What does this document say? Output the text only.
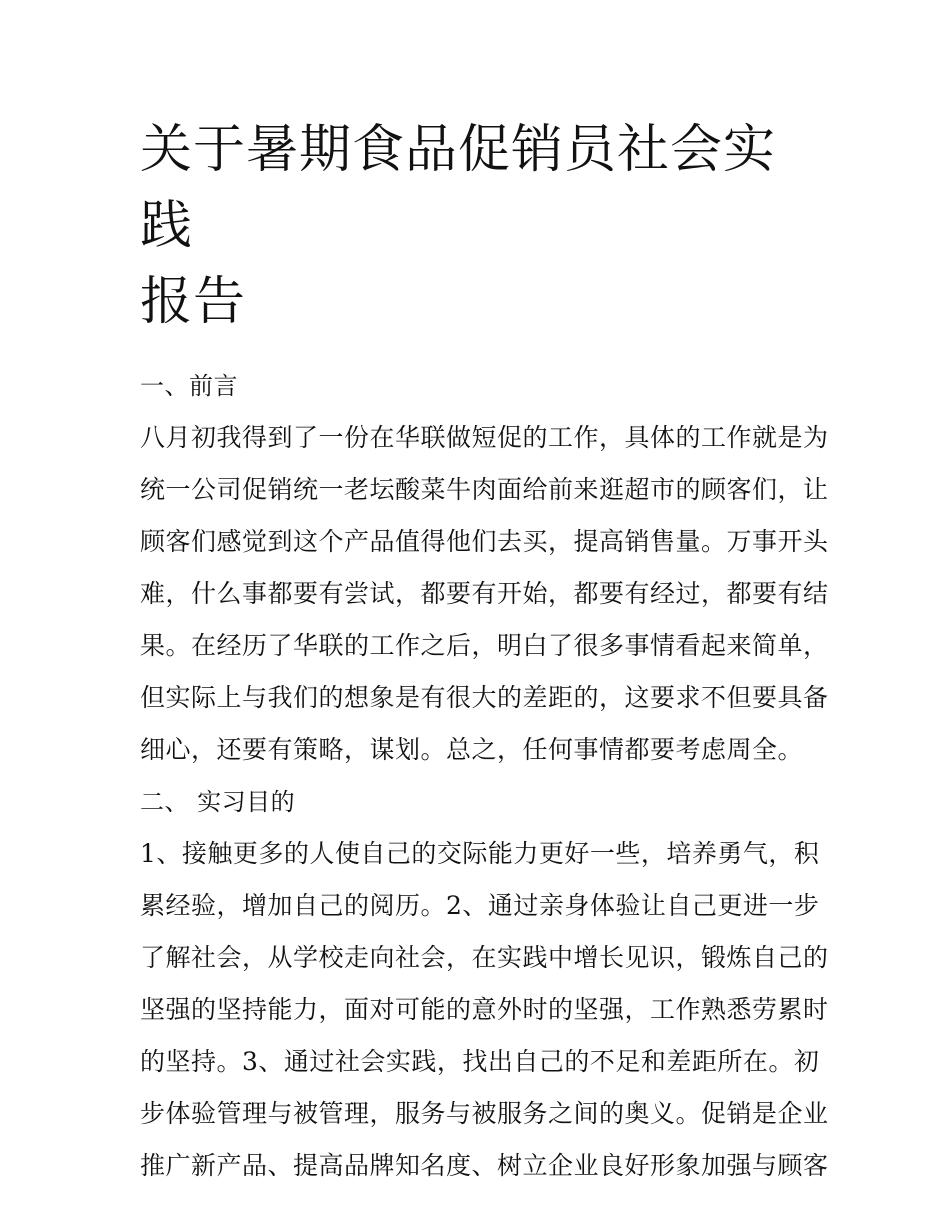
关于暑期食品促销员社会实践
报告
一、前言
八月初我得到了一份在华联做短促的工作，具体的工作就是为
统一公司促销统一老坛酸菜牛肉面给前来逛超市的顾客们，让
顾客们感觉到这个产品值得他们去买，提高销售量。万事开头
难，什么事都要有尝试，都要有开始，都要有经过，都要有结
果。在经历了华联的工作之后，明白了很多事情看起来简单，
但实际上与我们的想象是有很大的差距的，这要求不但要具备
细心，还要有策略，谋划。总之，任何事情都要考虑周全。
二、 实习目的
1、接触更多的人使自己的交际能力更好一些，培养勇气，积
累经验，增加自己的阅历。2、通过亲身体验让自己更进一步
了解社会，从学校走向社会，在实践中增长见识，锻炼自己的
坚强的坚持能力，面对可能的意外时的坚强，工作熟悉劳累时
的坚持。3、通过社会实践，找出自己的不足和差距所在。初
步体验管理与被管理，服务与被服务之间的奥义。促销是企业
推广新产品、提高品牌知名度、树立企业良好形象加强与顾客
